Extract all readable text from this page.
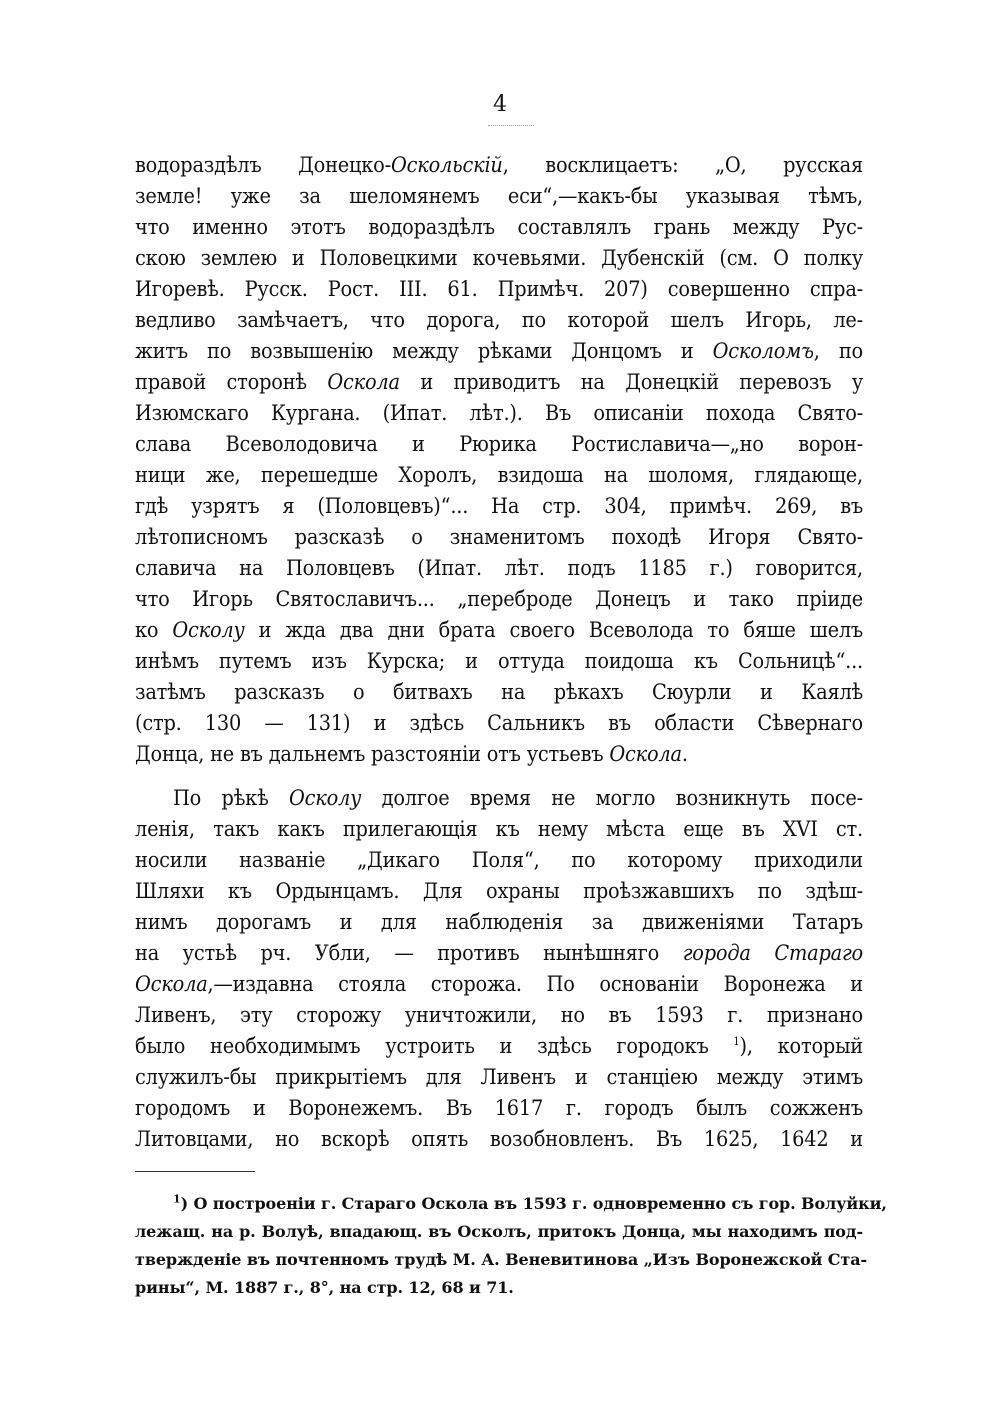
4
водораздѣлъ Донецко-Оскольскій, восклицаетъ: „О, русская
земле! уже за шеломянемъ еси“,—какъ-бы указывая тѣмъ,
что именно этотъ водораздѣлъ составлялъ грань между Рус-
скою землею и Половецкими кочевьями. Дубенскій (см. О полку
Игоревѣ. Русск. Рост. III. 61. Примѣч. 207) совершенно спра-
ведливо замѣчаетъ, что дорога, по которой шелъ Игорь, ле-
житъ по возвышенію между рѣками Донцомъ и Осколомъ, по
правой сторонѣ Оскола и приводитъ на Донецкій перевозъ у
Изюмскаго Кургана. (Ипат. лѣт.). Въ описаніи похода Свято-
слава Всеволодовича и Рюрика Ростиславича—„но ворон-
ници же, перешедше Хоролъ, взидоша на шоломя, глядающе,
гдѣ узрятъ я (Половцевъ)“... На стр. 304, примѣч. 269, въ
лѣтописномъ разсказѣ о знаменитомъ походѣ Игоря Свято-
славича на Половцевъ (Ипат. лѣт. подъ 1185 г.) говорится,
что Игорь Святославичъ... „переброде Донецъ и тако пріиде
ко Осколу и жда два дни брата своего Всеволода то бяше шелъ
инѣмъ путемъ изъ Курска; и оттуда поидоша къ Сольницѣ“...
затѣмъ разсказъ о битвахъ на рѣкахъ Сюурли и Каялѣ
(стр. 130 — 131) и здѣсь Сальникъ въ области Сѣвернаго
Донца, не въ дальнемъ разстояніи отъ устьевъ Оскола.
По рѣкѣ Осколу долгое время не могло возникнуть посе-
ленія, такъ какъ прилегающія къ нему мѣста еще въ XVI ст.
носили названіе „Дикаго Поля“, по которому приходили
Шляхи къ Ордынцамъ. Для охраны проѣзжавшихъ по здѣш-
нимъ дорогамъ и для наблюденія за движеніями Татаръ
на устьѣ рч. Убли, — противъ нынѣшняго города Стараго
Оскола,—издавна стояла сторожа. По основаніи Воронежа и
Ливенъ, эту сторожу уничтожили, но въ 1593 г. признано
было необходимымъ устроить и здѣсь городокъ $^1$), который
служилъ-бы прикрытіемъ для Ливенъ и станціею между этимъ
городомъ и Воронежемъ. Въ 1617 г. городъ былъ сожженъ
Литовцами, но вскорѣ опять возобновленъ. Въ 1625, 1642 и
$^1$) О построеніи г. Стараго Оскола въ 1593 г. одновременно съ гор. Волуйки,
лежащ. на р. Волуѣ, впадающ. въ Осколъ, притокъ Донца, мы находимъ под-
твержденіе въ почтенномъ трудѣ М. А. Веневитинова „Изъ Воронежской Ста-
рины“, М. 1887 г., 8°, на стр. 12, 68 и 71.
